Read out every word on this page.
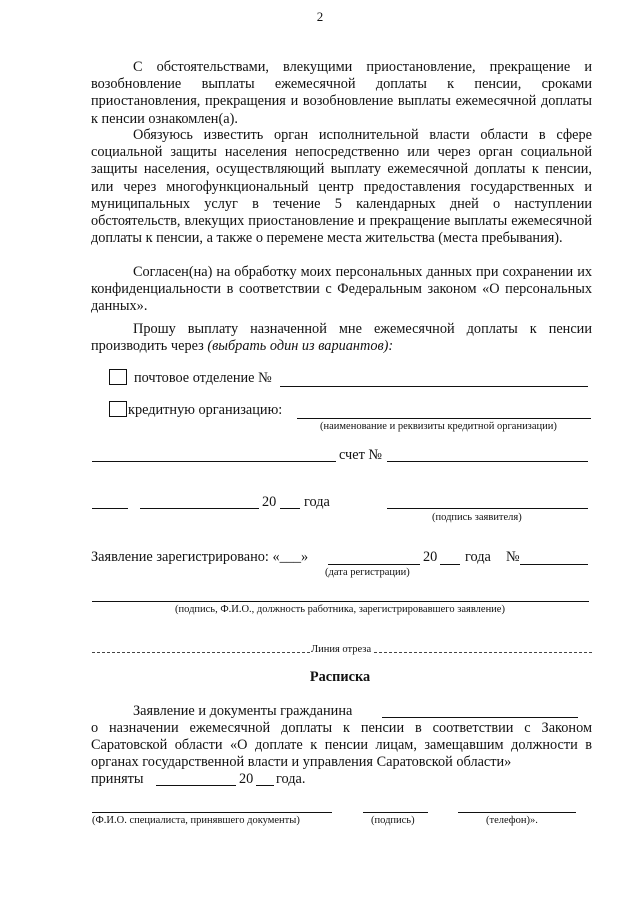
2

С обстоятельствами, влекущими приостановление, прекращение и возобновление выплаты ежемесячной доплаты к пенсии, сроками приостановления, прекращения и возобновление выплаты ежемесячной доплаты к пенсии ознакомлен(а).

Обязуюсь известить орган исполнительной власти области в сфере социальной защиты населения непосредственно или через орган социальной защиты населения, осуществляющий выплату ежемесячной доплаты к пенсии, или через многофункциональный центр предоставления государственных и муниципальных услуг в течение 5 календарных дней о наступлении обстоятельств, влекущих приостановление и прекращение выплаты ежемесячной доплаты к пенсии, а также о перемене места жительства (места пребывания).

Согласен(на) на обработку моих персональных данных при сохранении их конфиденциальности в соответствии с Федеральным законом «О персональных данных».

Прошу выплату назначенной мне ежемесячной доплаты к пенсии производить через (выбрать один из вариантов):

почтовое отделение №
кредитную организацию:
(наименование и реквизиты кредитной организации)
счет №
20 года
(подпись заявителя)
Заявление зарегистрировано: «___»	20 года №
(дата регистрации)
(подпись, Ф.И.О., должность работника, зарегистрировавшего заявление)
Линия отреза
Расписка
Заявление и документы гражданина

о назначении ежемесячной доплаты к пенсии в соответствии с Законом Саратовской области «О доплате к пенсии лицам, замещавшим должности в органах государственной власти и управления Саратовской области»

приняты	20 года.
(Ф.И.О. специалиста, принявшего документы)	(подпись)	(телефон)».
